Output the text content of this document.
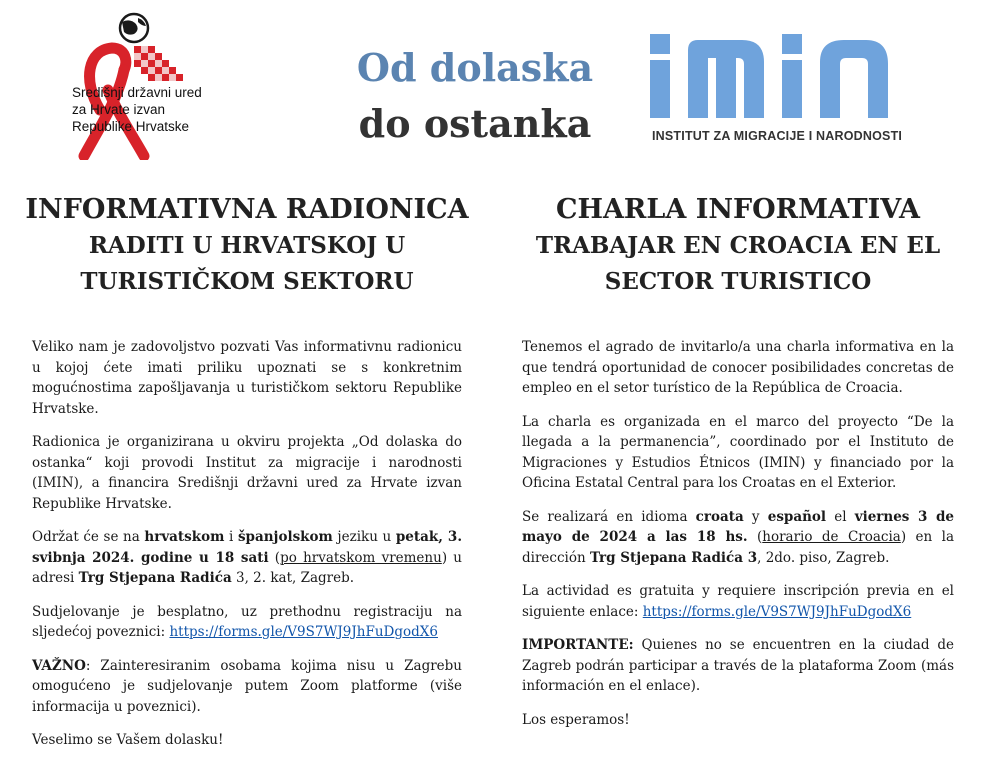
Središnji državni ured
za Hrvate izvan
Republike Hrvatske
Od dolaska
do ostanka
IMIN
INSTITUT ZA MIGRACIJE I NARODNOSTI
INFORMATIVNA RADIONICA
RADITI U HRVATSKOJ U
TURISTIČKOM SEKTORU

Veliko nam je zadovoljstvo pozvati Vas informativnu radionicu u kojoj ćete imati priliku upoznati se s konkretnim mogućnostima zapošljavanja u turističkom sektoru Republike Hrvatske.

Radionica je organizirana u okviru projekta „Od dolaska do ostanka“ koji provodi Institut za migracije i narodnosti (IMIN), a financira Središnji državni ured za Hrvate izvan Republike Hrvatske.

Održat će se na hrvatskom i španjolskom jeziku u petak, 3. svibnja 2024. godine u 18 sati (po hrvatskom vremenu) u adresi Trg Stjepana Radića 3, 2. kat, Zagreb.

Sudjelovanje je besplatno, uz prethodnu registraciju na sljedećoj poveznici: https://forms.gle/V9S7WJ9JhFuDgodX6

VAŽNO: Zainteresiranim osobama kojima nisu u Zagrebu omogućeno je sudjelovanje putem Zoom platforme (više informacija u poveznici).

Veselimo se Vašem dolasku!

CHARLA INFORMATIVA
TRABAJAR EN CROACIA EN EL
SECTOR TURISTICO

Tenemos el agrado de invitarlo/a una charla informativa en la que tendrá oportunidad de conocer posibilidades concretas de empleo en el setor turístico de la República de Croacia.

La charla es organizada en el marco del proyecto “De la llegada a la permanencia”, coordinado por el Instituto de Migraciones y Estudios Étnicos (IMIN) y financiado por la Oficina Estatal Central para los Croatas en el Exterior.

Se realizará en idioma croata y español el viernes 3 de mayo de 2024 a las 18 hs. (horario de Croacia) en la dirección Trg Stjepana Radića 3, 2do. piso, Zagreb.

La actividad es gratuita y requiere inscripción previa en el siguiente enlace: https://forms.gle/V9S7WJ9JhFuDgodX6

IMPORTANTE: Quienes no se encuentren en la ciudad de Zagreb podrán participar a través de la plataforma Zoom (más información en el enlace).

Los esperamos!
